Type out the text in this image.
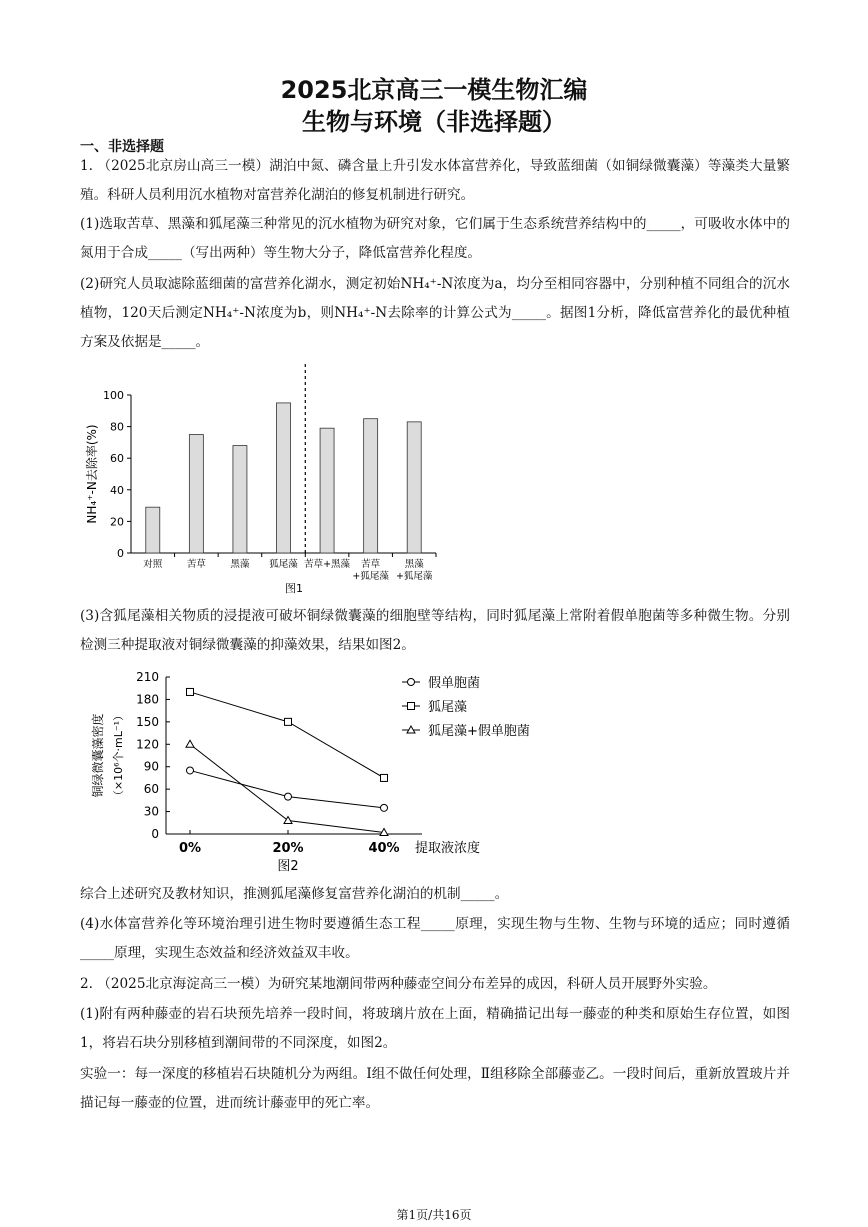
2025北京高三一模生物汇编
生物与环境（非选择题）
一、非选择题
1. （2025北京房山高三一模）湖泊中氮、磷含量上升引发水体富营养化，导致蓝细菌（如铜绿微囊藻）等藻类大量繁殖。科研人员利用沉水植物对富营养化湖泊的修复机制进行研究。
(1)选取苦草、黑藻和狐尾藻三种常见的沉水植物为研究对象，它们属于生态系统营养结构中的_____，可吸收水体中的氮用于合成_____（写出两种）等生物大分子，降低富营养化程度。
(2)研究人员取滤除蓝细菌的富营养化湖水，测定初始NH₄⁺-N浓度为a，均分至相同容器中，分别种植不同组合的沉水植物，120天后测定NH₄⁺-N浓度为b，则NH₄⁺-N去除率的计算公式为_____。据图1分析，降低富营养化的最优种植方案及依据是_____。
0
20
40
60
80
100
对照	苦草	黑藻 狐尾藻 苦草+黑藻 苦草
+狐尾藻
黑藻
+狐尾藻
NH₄⁺-N去除率(%)
图1
(3)含狐尾藻相关物质的浸提液可破坏铜绿微囊藻的细胞壁等结构，同时狐尾藻上常附着假单胞菌等多种微生物。分别检测三种提取液对铜绿微囊藻的抑藻效果，结果如图2。
0
30
60
90
120
150
180
210
0%	20%	40% 提取液浓度
图2
铜绿微囊藻密度 （×10⁶个·mL⁻¹）
假单胞菌
狐尾藻
狐尾藻+假单胞菌
综合上述研究及教材知识，推测狐尾藻修复富营养化湖泊的机制_____。
(4)水体富营养化等环境治理引进生物时要遵循生态工程_____原理，实现生物与生物、生物与环境的适应；同时遵循_____原理，实现生态效益和经济效益双丰收。
2. （2025北京海淀高三一模）为研究某地潮间带两种藤壶空间分布差异的成因，科研人员开展野外实验。
(1)附有两种藤壶的岩石块预先培养一段时间，将玻璃片放在上面，精确描记出每一藤壶的种类和原始生存位置，如图1，将岩石块分别移植到潮间带的不同深度，如图2。
实验一：每一深度的移植岩石块随机分为两组。Ⅰ组不做任何处理，Ⅱ组移除全部藤壶乙。一段时间后，重新放置玻片并描记每一藤壶的位置，进而统计藤壶甲的死亡率。
第1页/共16页
